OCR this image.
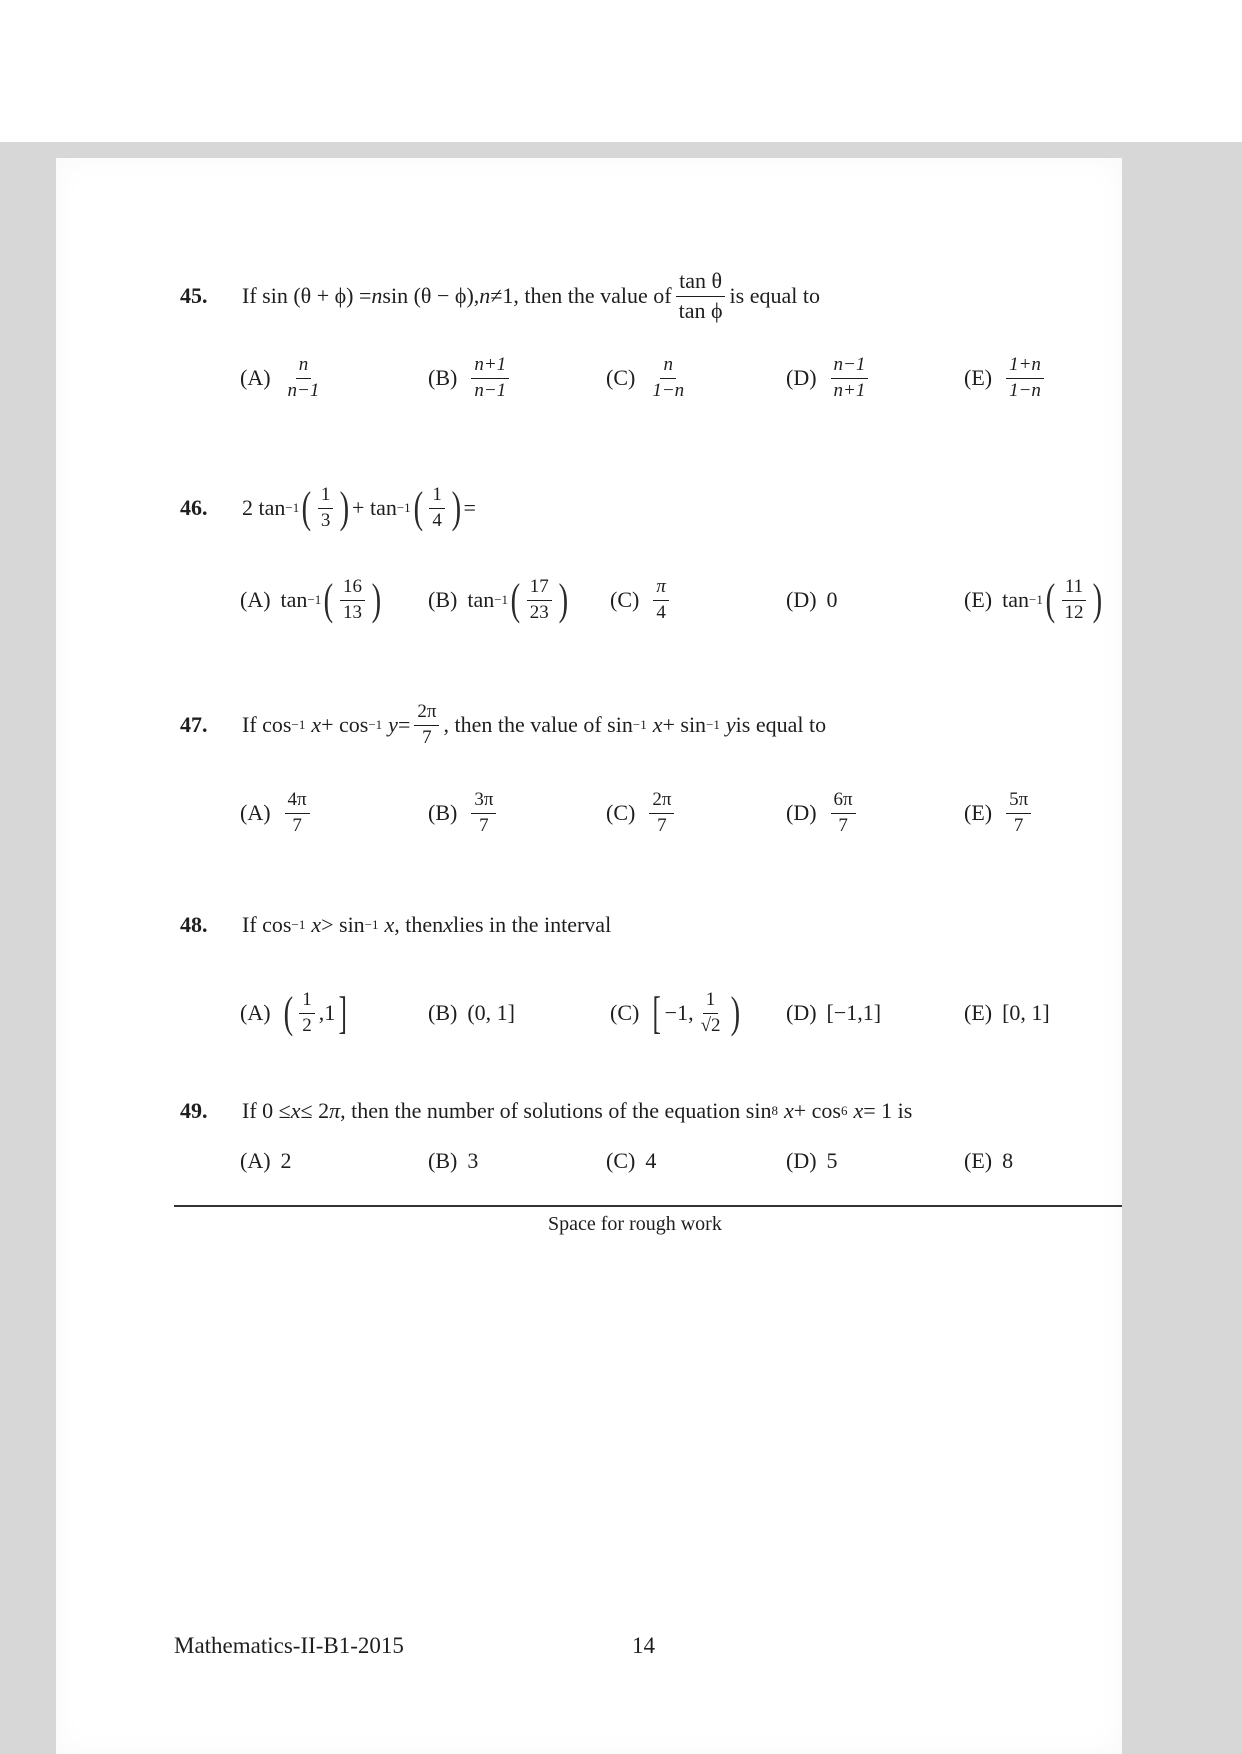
45. If sin (θ + ϕ) = n sin (θ − ϕ), n ≠1, then the value of $\frac{\text{tan θ}}{\text{tan ϕ}}$ is equal to
$(A) \frac{n}{n-1}$	$(B) \frac{n+1}{n-1}$	$(C) \frac{n}{1-n}$	$(D) \frac{n-1}{n+1}$	$(E) \frac{1+n}{1-n}$
46. 2 tan −1 ( $\frac{1}{3}$ ) + tan −1 ( $\frac{1}{4}$ ) =
(A) tan −1 ( $\frac{16}{13}$ ) (B) tan −1 ( $\frac{17}{23}$ ) $(C) \frac{\pi}{4}$	(D) 0	(E) tan −1 ( $\frac{11}{12}$ )
47. If cos −1 x + cos −1 $y = \frac{2\pi}{7}$ , then the value of sin −1 x + sin −1 y is equal to
$(A) \frac{4\pi}{7}$	$(B) \frac{3\pi}{7}$	$(C) \frac{2\pi}{7}$	$(D) \frac{6\pi}{7}$	$(E) \frac{5\pi}{7}$
48. If cos −1 x > sin −1 x , then x lies in the interval
(A) ( $\frac{1}{2} ,1$ ]	(B) (0, 1]	(C) [ −1, $\frac{1}{√2}$ ) (D) [−1,1]	(E) [0, 1]
49. If 0 ≤ x ≤ 2 π , then the number of solutions of the equation sin 8 x + cos 6 x = 1 is
(A) 2	(B) 3	(C) 4	(D) 5	(E) 8
Space for rough work
Mathematics-II-B1-2015	14
